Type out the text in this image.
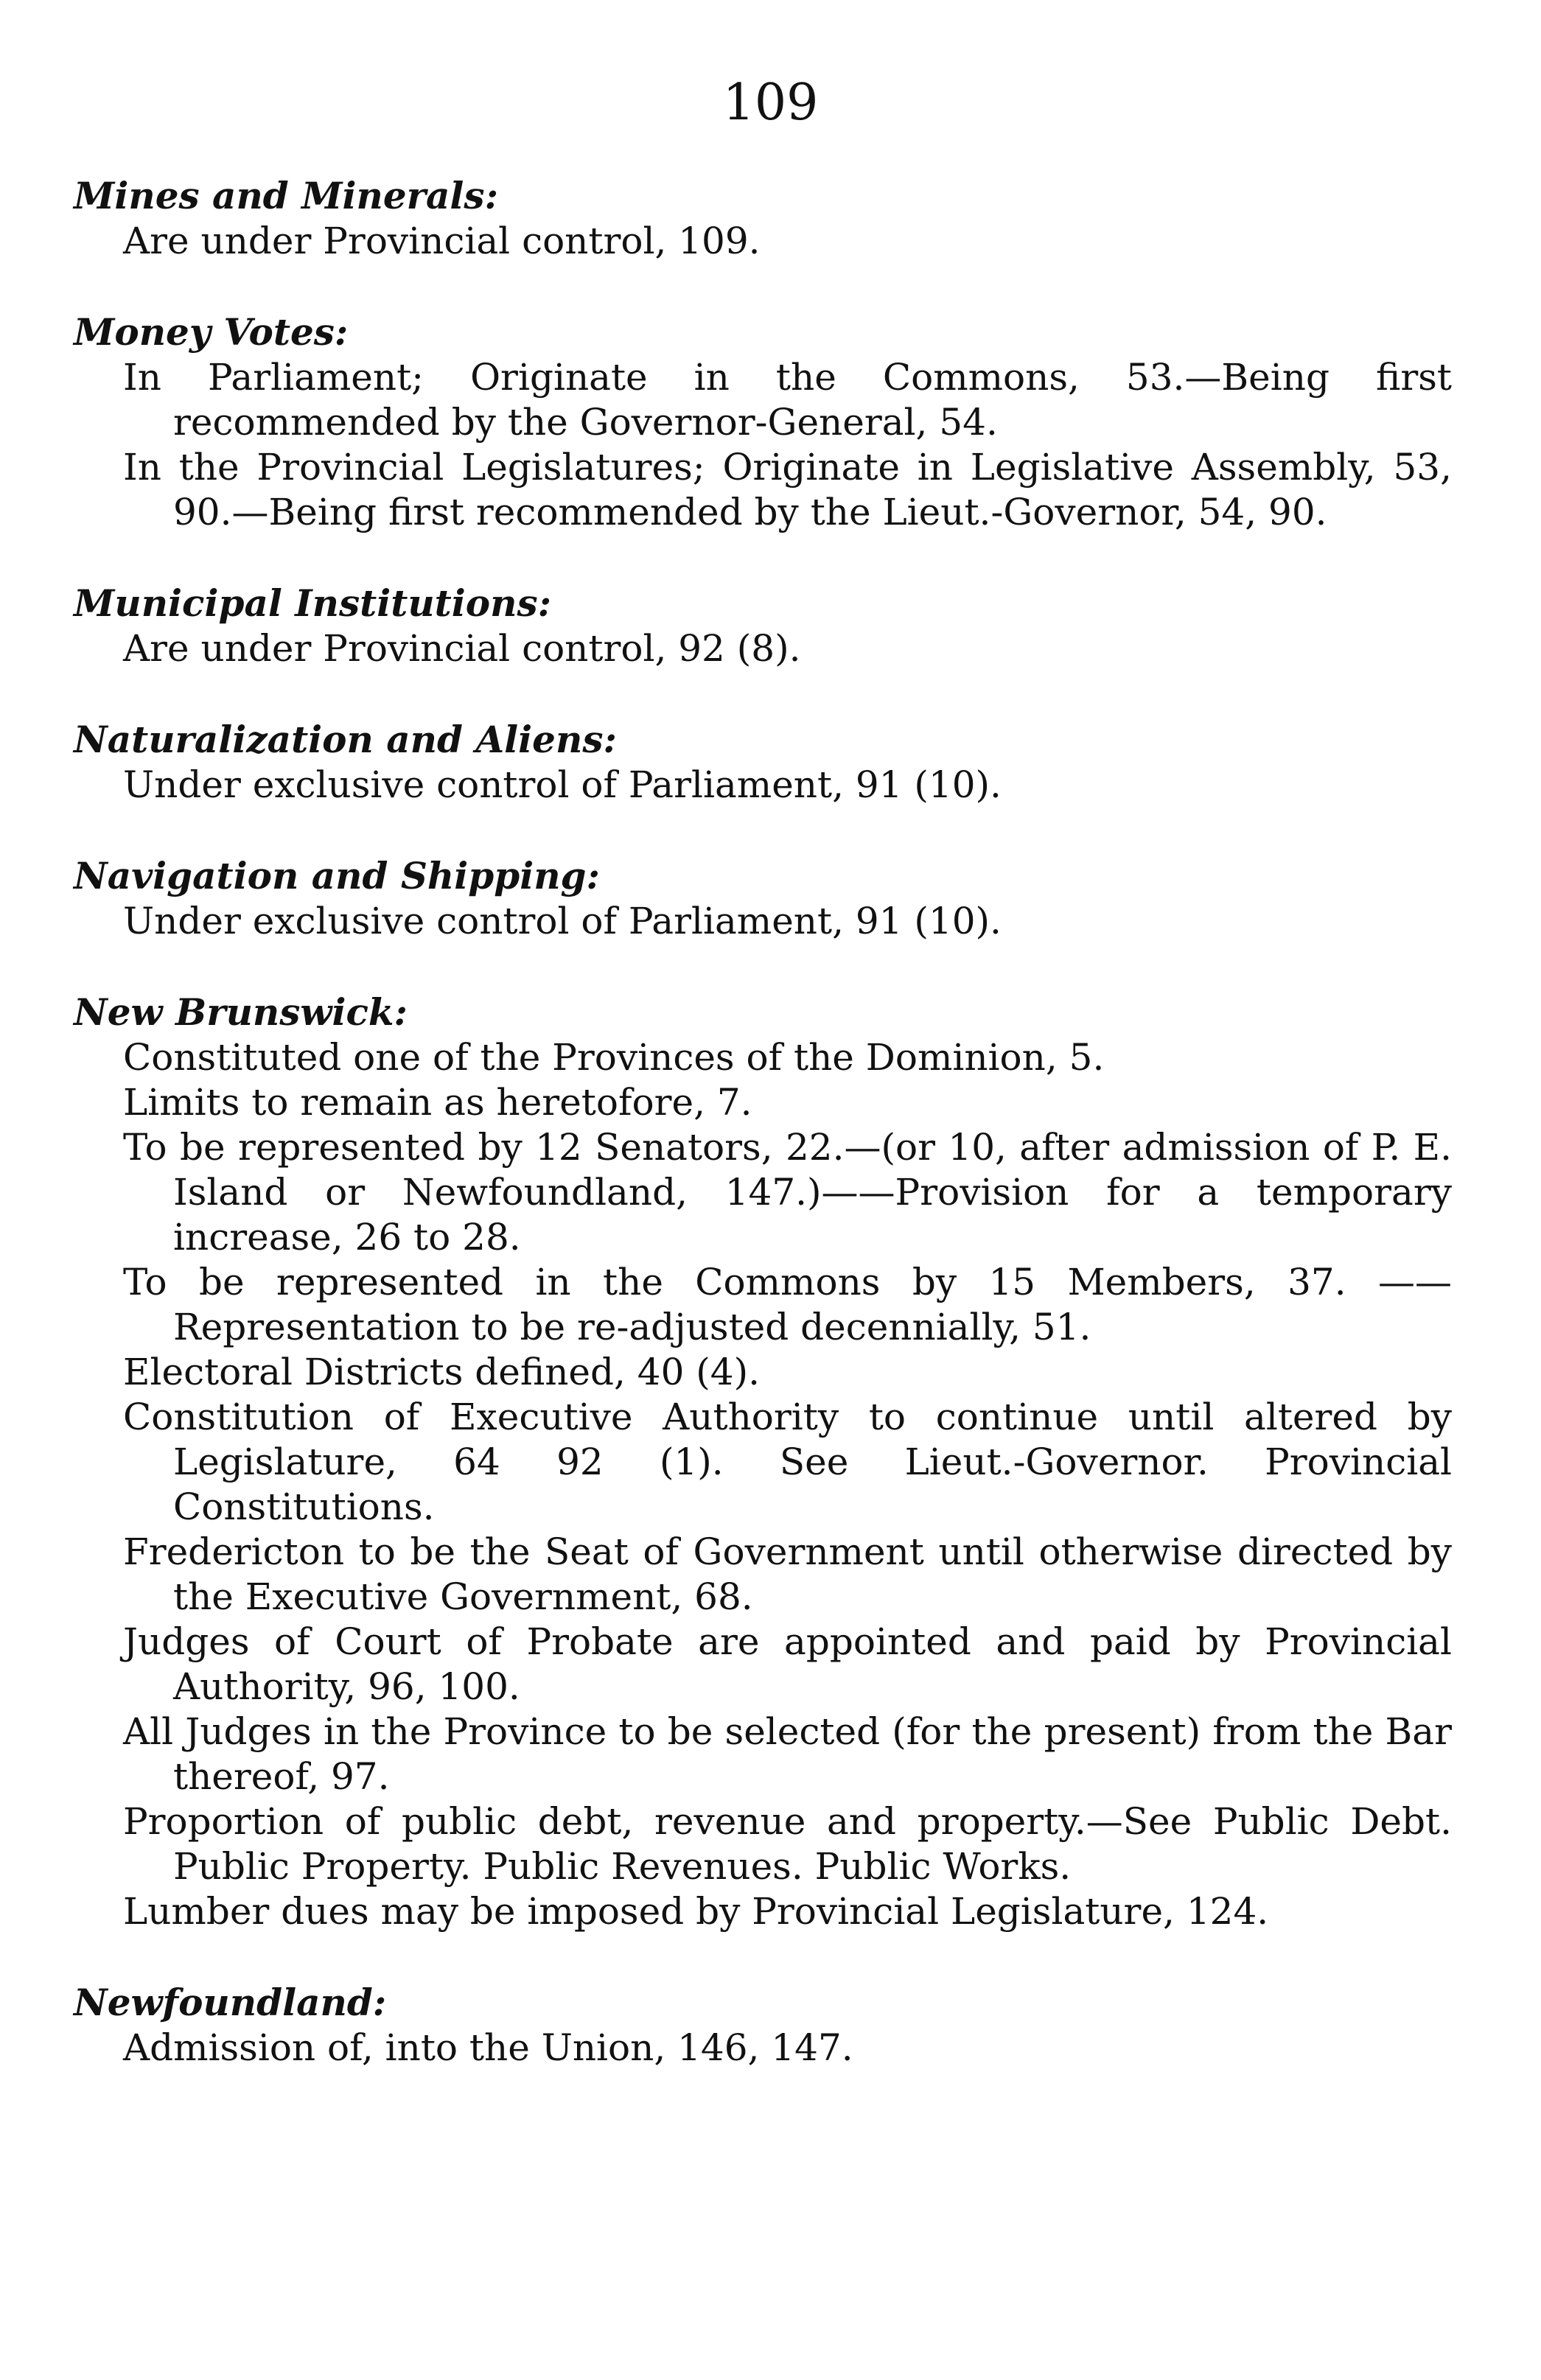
109

Mines and Minerals:

Are under Provincial control, 109.

Money Votes:

In Parliament; Originate in the Commons, 53.—Being first recommended by the Governor-General, 54.

In the Provincial Legislatures; Originate in Legislative Assembly, 53, 90.—Being first recommended by the Lieut.-Governor, 54, 90.

Municipal Institutions:

Are under Provincial control, 92 (8).

Naturalization and Aliens:

Under exclusive control of Parliament, 91 (10).

Navigation and Shipping:

Under exclusive control of Parliament, 91 (10).

New Brunswick:

Constituted one of the Provinces of the Dominion, 5.

Limits to remain as heretofore, 7.

To be represented by 12 Senators, 22.—(or 10, after admission of P. E. Island or Newfoundland, 147.)——Provision for a temporary increase, 26 to 28.

To be represented in the Commons by 15 Members, 37. ——Representation to be re-adjusted decennially, 51.

Electoral Districts defined, 40 (4).

Constitution of Executive Authority to continue until altered by Legislature, 64 92 (1). See Lieut.-Governor. Provincial Constitutions.

Fredericton to be the Seat of Government until otherwise directed by the Executive Government, 68.

Judges of Court of Probate are appointed and paid by Provincial Authority, 96, 100.

All Judges in the Province to be selected (for the present) from the Bar thereof, 97.

Proportion of public debt, revenue and property.—See Public Debt. Public Property. Public Revenues. Public Works.

Lumber dues may be imposed by Provincial Legislature, 124.

Newfoundland:

Admission of, into the Union, 146, 147.
